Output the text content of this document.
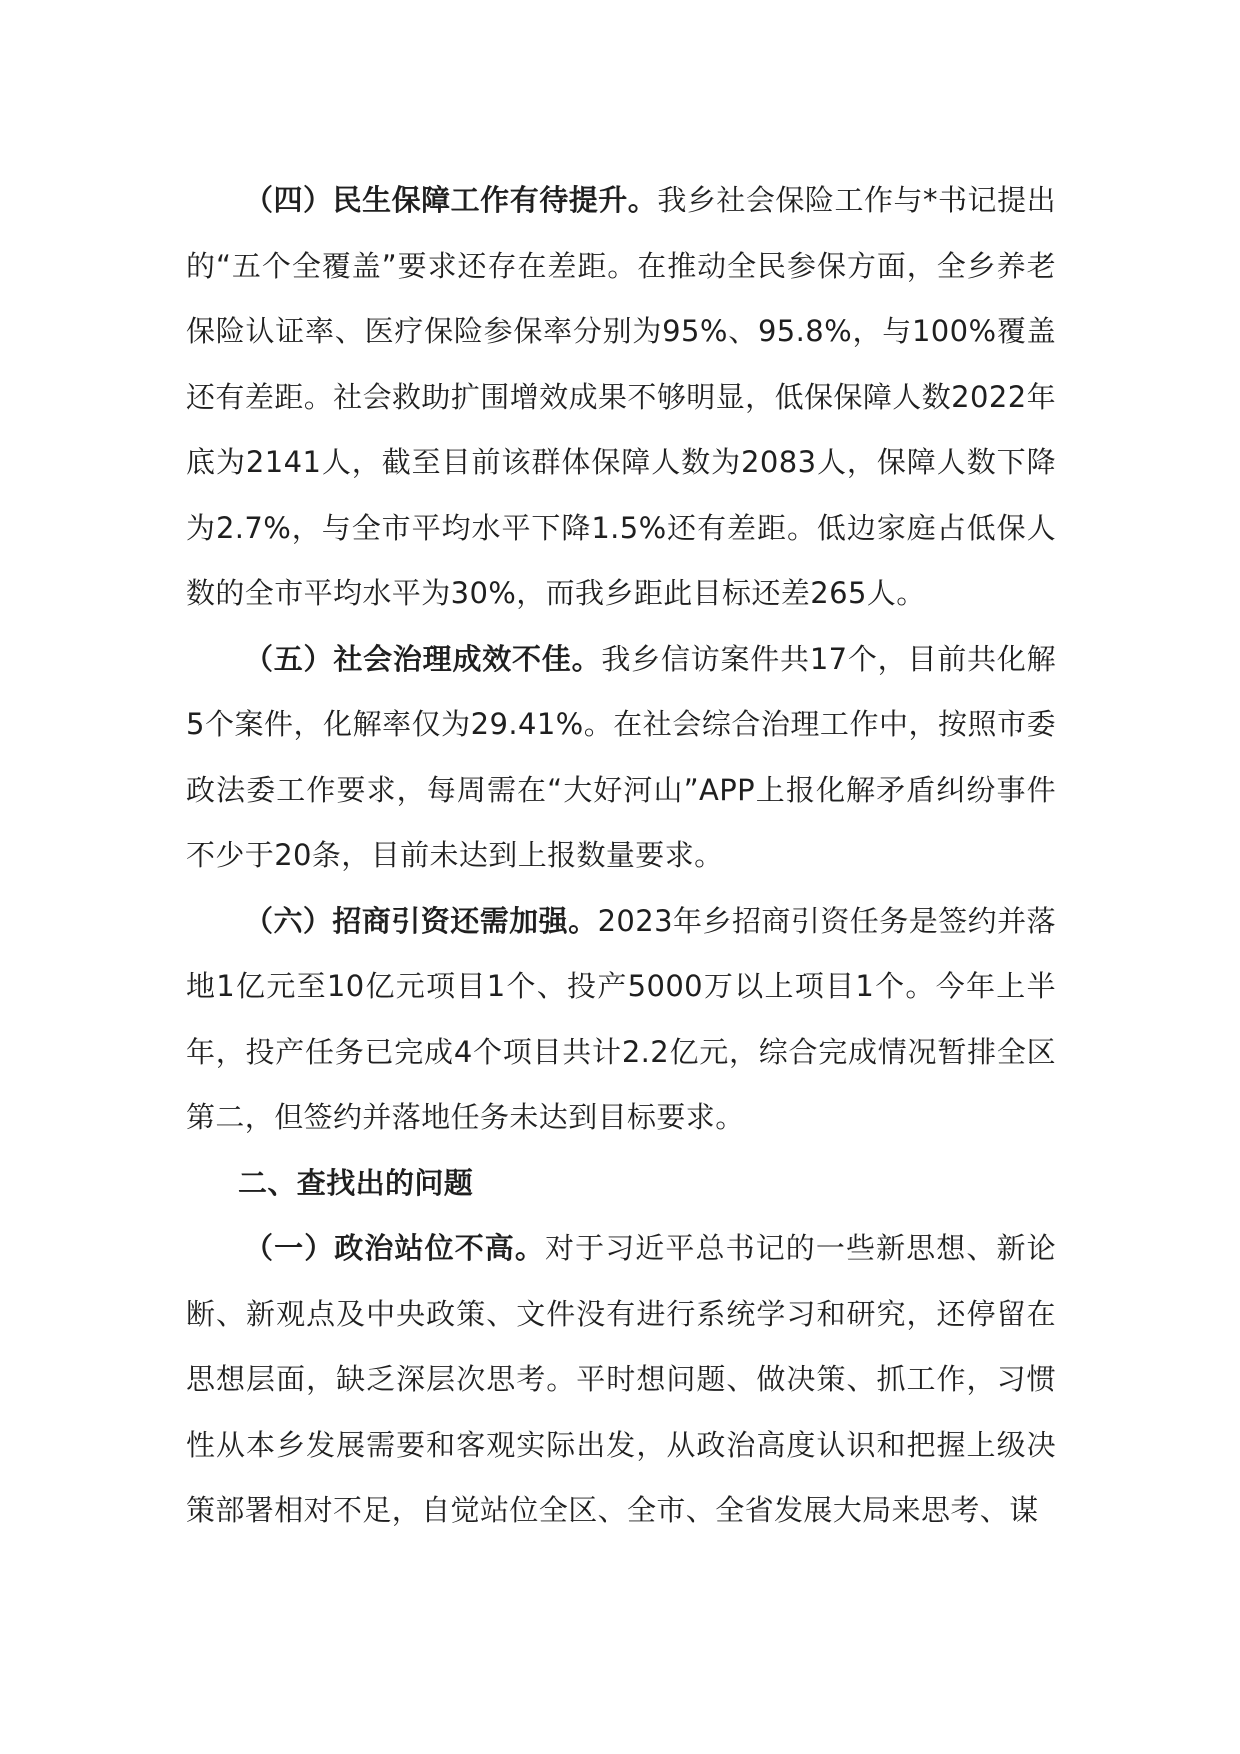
（四）民生保障工作有待提升。我乡社会保险工作与*书记提出的“五个全覆盖”要求还存在差距。在推动全民参保方面，全乡养老保险认证率、医疗保险参保率分别为95%、95.8%，与100%覆盖还有差距。社会救助扩围增效成果不够明显，低保保障人数2022年底为2141人，截至目前该群体保障人数为2083人，保障人数下降为2.7%，与全市平均水平下降1.5%还有差距。低边家庭占低保人数的全市平均水平为30%，而我乡距此目标还差265人。

（五）社会治理成效不佳。我乡信访案件共17个，目前共化解5个案件，化解率仅为29.41%。在社会综合治理工作中，按照市委政法委工作要求，每周需在“大好河山”APP上报化解矛盾纠纷事件不少于20条，目前未达到上报数量要求。

（六）招商引资还需加强。2023年乡招商引资任务是签约并落地1亿元至10亿元项目1个、投产5000万以上项目1个。今年上半年，投产任务已完成4个项目共计2.2亿元，综合完成情况暂排全区第二，但签约并落地任务未达到目标要求。

二、查找出的问题

（一）政治站位不高。对于习近平总书记的一些新思想、新论断、新观点及中央政策、文件没有进行系统学习和研究，还停留在思想层面，缺乏深层次思考。平时想问题、做决策、抓工作，习惯性从本乡发展需要和客观实际出发，从政治高度认识和把握上级决策部署相对不足，自觉站位全区、全市、全省发展大局来思考、谋
